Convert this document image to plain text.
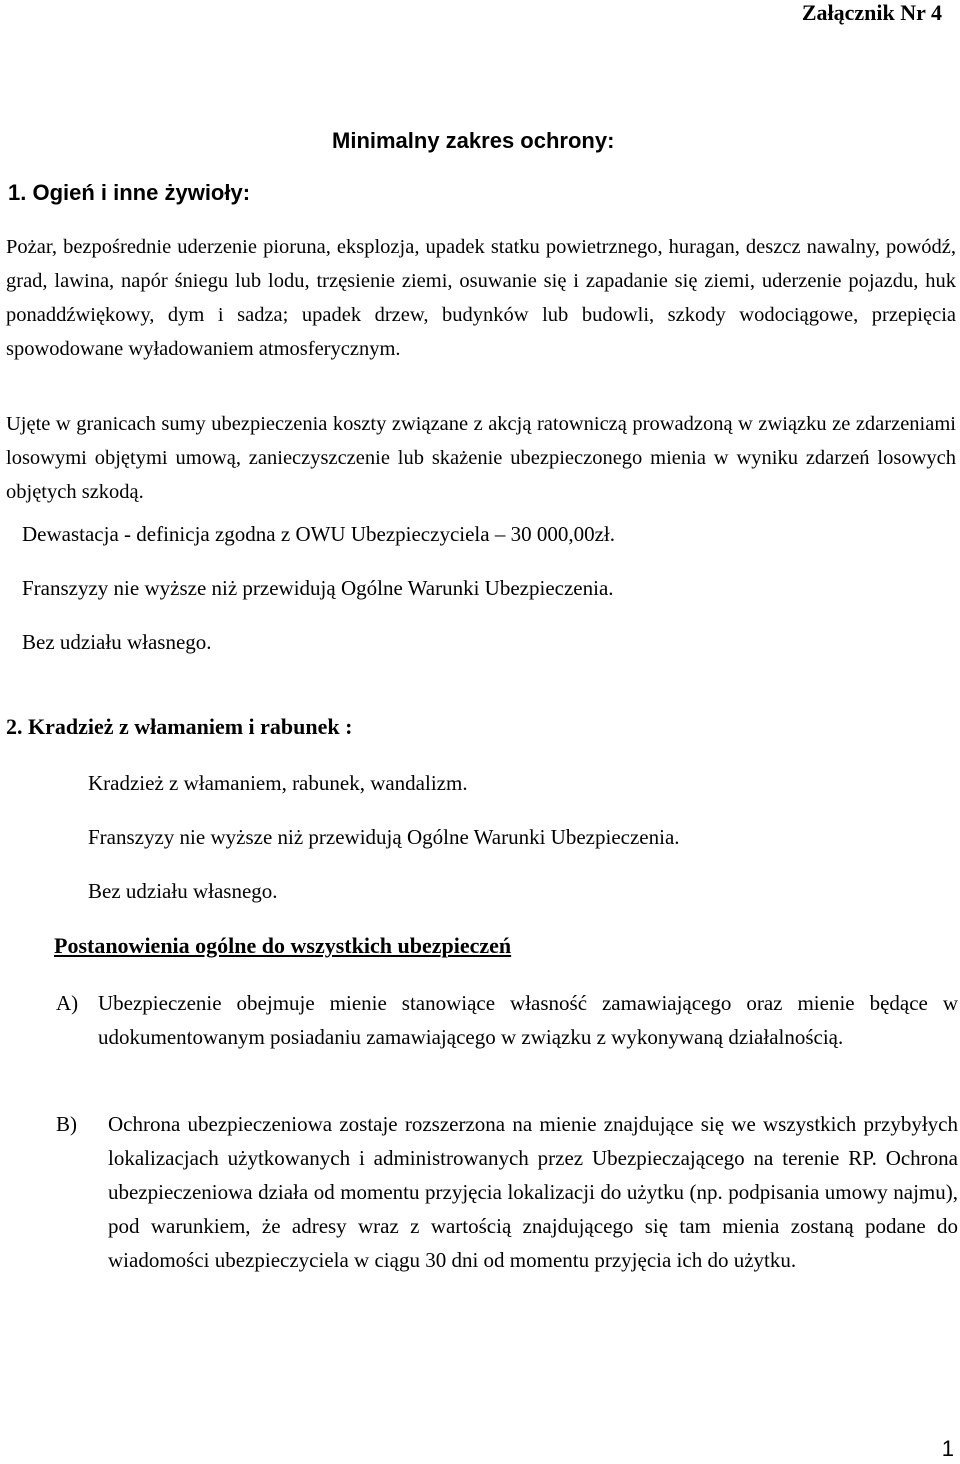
Załącznik Nr 4
Minimalny zakres ochrony:
1. Ogień i inne żywioły:
Pożar, bezpośrednie uderzenie pioruna, eksplozja, upadek statku powietrznego, huragan, deszcz nawalny, powódź, grad, lawina, napór śniegu lub lodu, trzęsienie ziemi, osuwanie się i zapadanie się ziemi, uderzenie pojazdu, huk ponaddźwiękowy, dym i sadza; upadek drzew, budynków lub budowli, szkody wodociągowe, przepięcia spowodowane wyładowaniem atmosferycznym.
Ujęte w granicach sumy ubezpieczenia koszty związane z akcją ratowniczą prowadzoną w związku ze zdarzeniami losowymi objętymi umową, zanieczyszczenie lub skażenie ubezpieczonego mienia w wyniku zdarzeń losowych objętych szkodą.
Dewastacja - definicja zgodna z OWU Ubezpieczyciela – 30 000,00zł.
Franszyzy nie wyższe niż przewidują Ogólne Warunki Ubezpieczenia.
Bez udziału własnego.
2. Kradzież z włamaniem i rabunek :
Kradzież z włamaniem, rabunek, wandalizm.
Franszyzy nie wyższe niż przewidują Ogólne Warunki Ubezpieczenia.
Bez udziału własnego.
Postanowienia ogólne do wszystkich ubezpieczeń
A) Ubezpieczenie obejmuje mienie stanowiące własność zamawiającego oraz mienie będące w udokumentowanym posiadaniu zamawiającego w związku z wykonywaną działalnością.
B) Ochrona ubezpieczeniowa zostaje rozszerzona na mienie znajdujące się we wszystkich przybyłych lokalizacjach użytkowanych i administrowanych przez Ubezpieczającego na terenie RP. Ochrona ubezpieczeniowa działa od momentu przyjęcia lokalizacji do użytku (np. podpisania umowy najmu), pod warunkiem, że adresy wraz z wartością znajdującego się tam mienia zostaną podane do wiadomości ubezpieczyciela w ciągu 30 dni od momentu przyjęcia ich do użytku.
1
